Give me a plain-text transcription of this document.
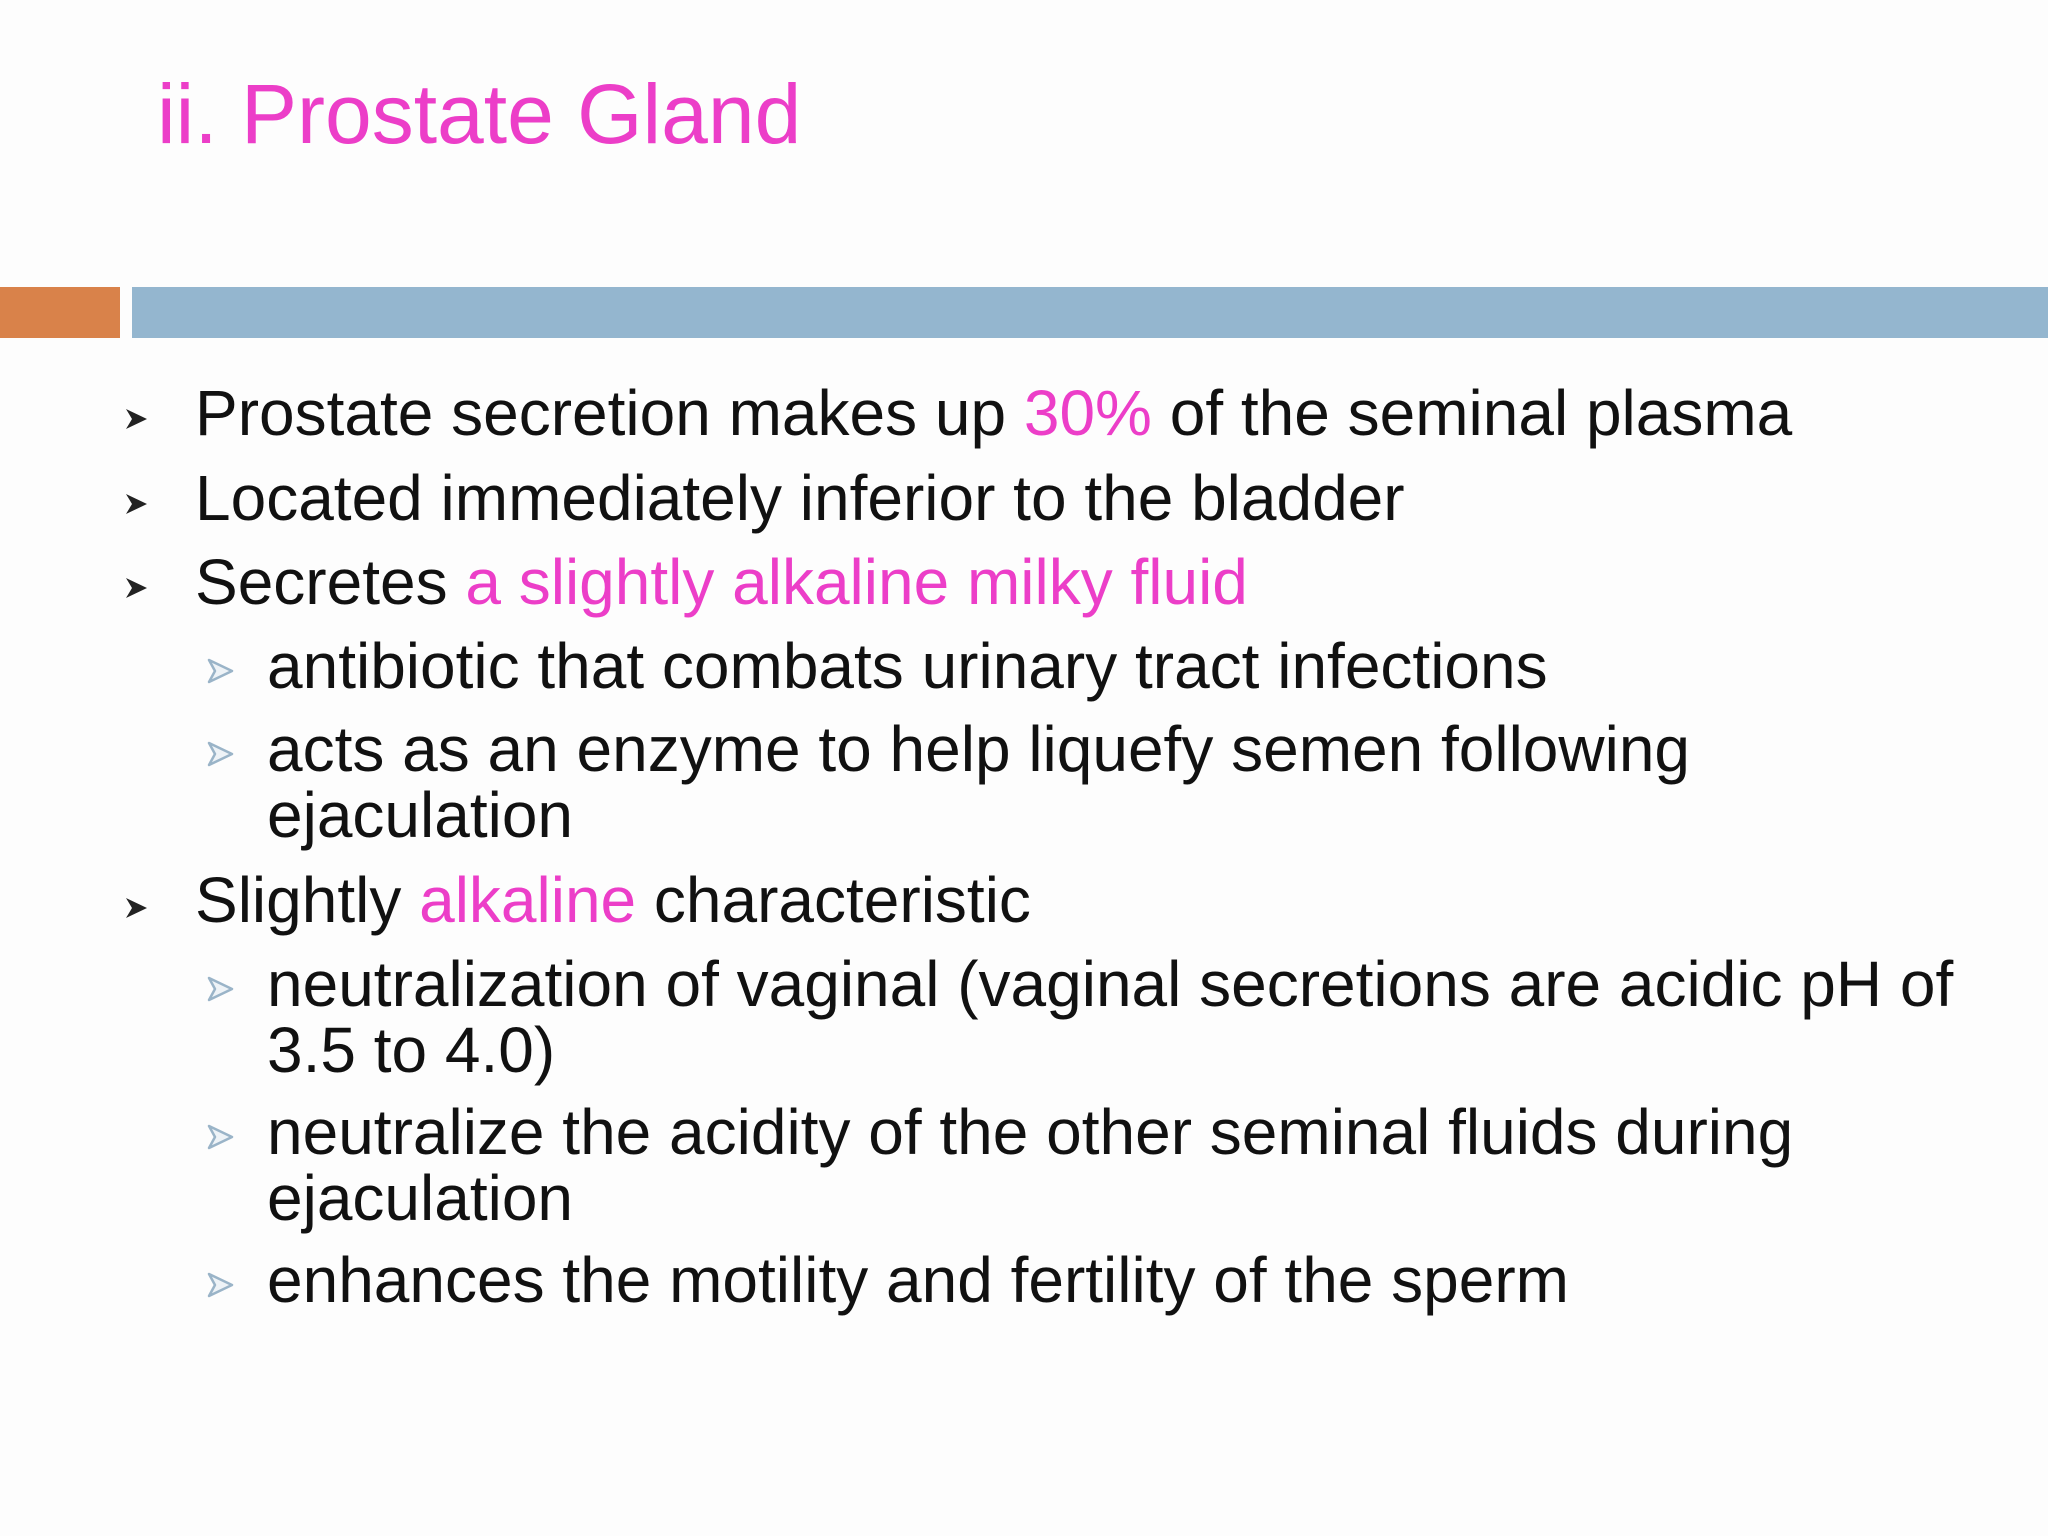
ii. Prostate Gland
Prostate secretion makes up 30% of the seminal plasma
Located immediately inferior to the bladder
Secretes a slightly alkaline milky fluid
antibiotic that combats urinary tract infections
acts as an enzyme to help liquefy semen following ejaculation
Slightly alkaline characteristic
neutralization of vaginal (vaginal secretions are acidic pH of 3.5 to 4.0)
neutralize the acidity of the other seminal fluids during ejaculation
enhances the motility and fertility of the sperm
